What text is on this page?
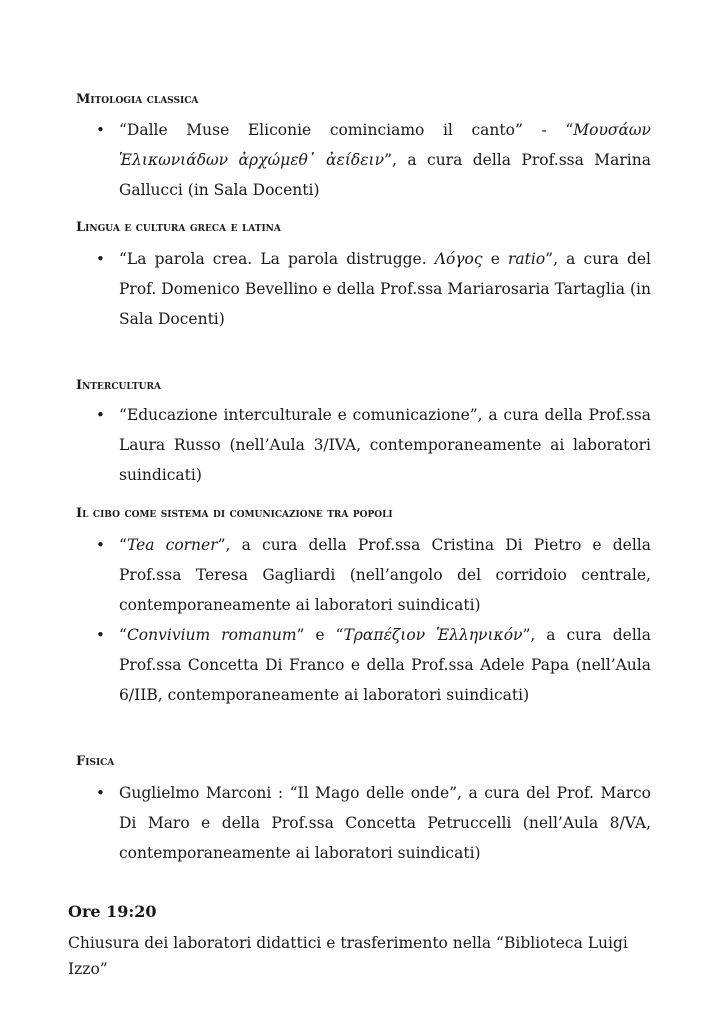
Mitologia classica
• “Dalle Muse Eliconie cominciamo il canto” - “Μουσάων Ἑλικωνιάδων ἀρχώμεθ᾽ ἀείδειν”, a cura della Prof.ssa Marina Gallucci (in Sala Docenti)
Lingua e cultura greca e latina
• “La parola crea. La parola distrugge. Λόγος e ratio”, a cura del Prof. Domenico Bevellino e della Prof.ssa Mariarosaria Tartaglia (in Sala Docenti)
Intercultura
• “Educazione interculturale e comunicazione”, a cura della Prof.ssa Laura Russo (nell’Aula 3/IVA, contemporaneamente ai laboratori suindicati)
Il cibo come sistema di comunicazione tra popoli
• “Tea corner”, a cura della Prof.ssa Cristina Di Pietro e della Prof.ssa Teresa Gagliardi (nell’angolo del corridoio centrale, contemporaneamente ai laboratori suindicati)
• “Convivium romanum” e “Τραπέζιον Ἑλληνικόν”, a cura della Prof.ssa Concetta Di Franco e della Prof.ssa Adele Papa (nell’Aula 6/IIB, contemporaneamente ai laboratori suindicati)
Fisica
• Guglielmo Marconi : “Il Mago delle onde”, a cura del Prof. Marco Di Maro e della Prof.ssa Concetta Petruccelli (nell’Aula 8/VA, contemporaneamente ai laboratori suindicati)
Ore 19:20

Chiusura dei laboratori didattici e trasferimento nella “Biblioteca Luigi Izzo”
